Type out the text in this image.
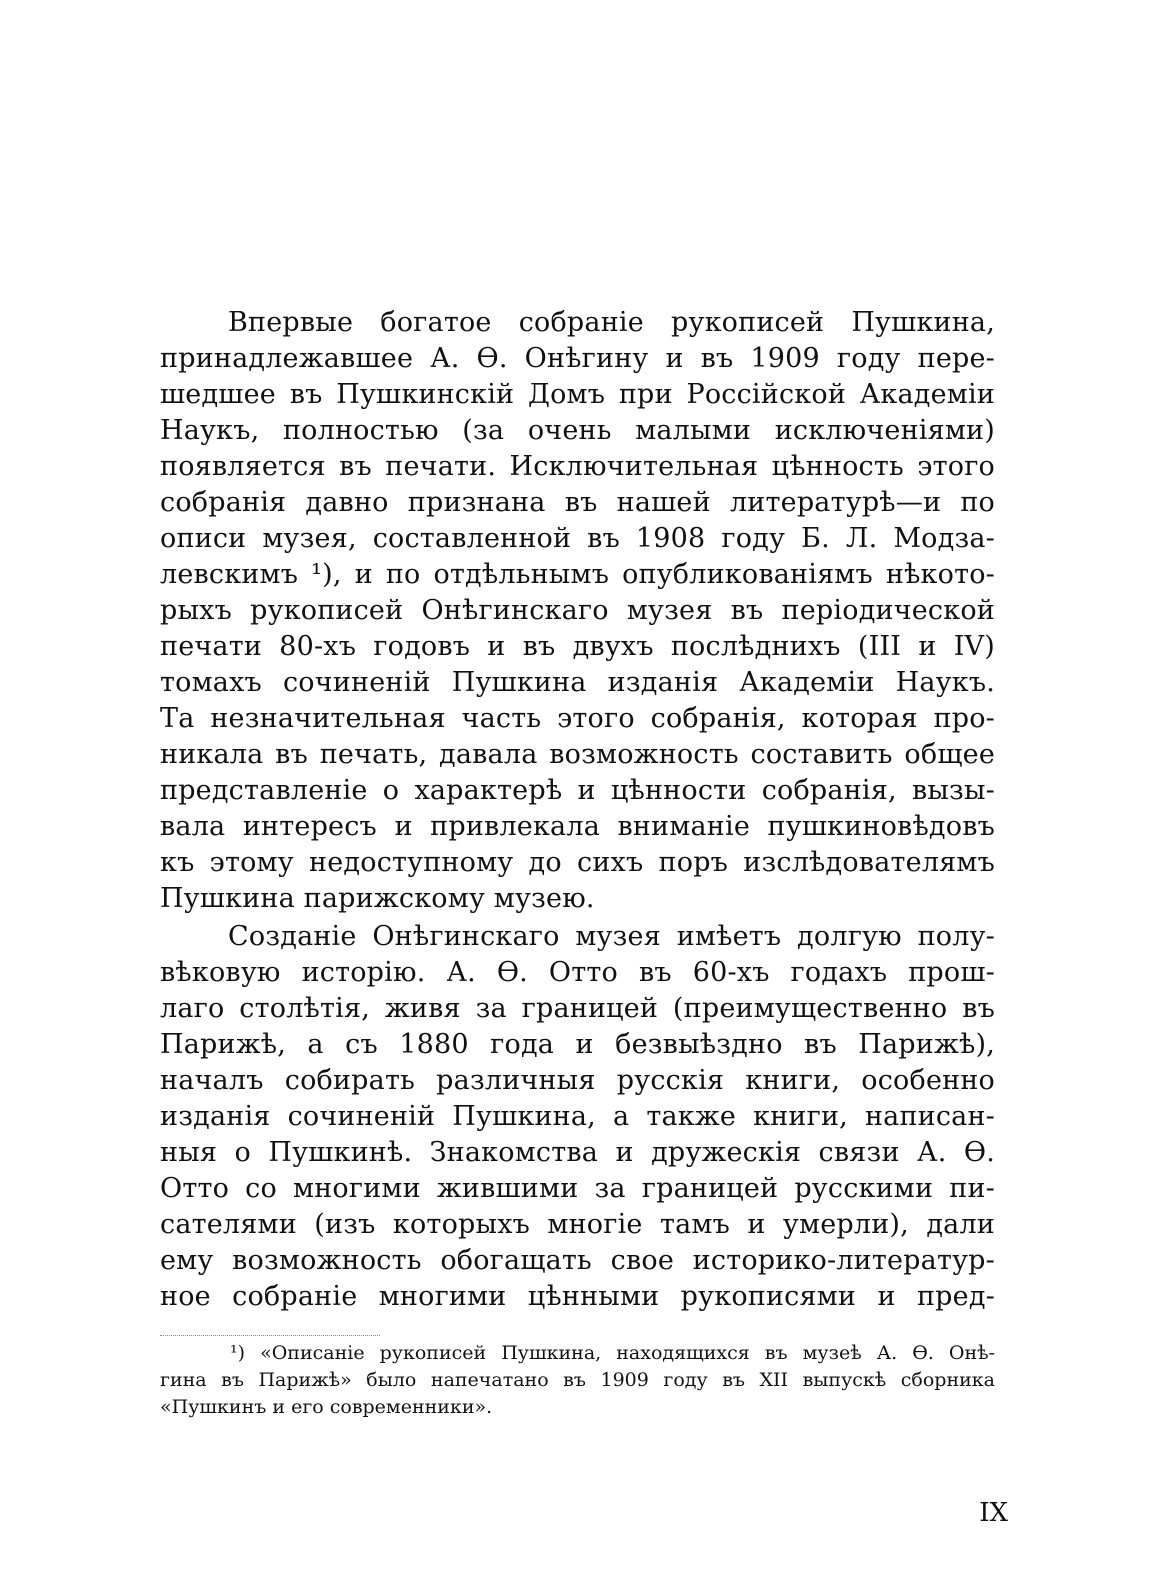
Впервые богатое собраніе рукописей Пушкина,
принадлежавшее А. Ѳ. Онѣгину и въ 1909 году пере-
шедшее въ Пушкинскій Домъ при Россійской Академіи
Наукъ, полностью (за очень малыми исключеніями)
появляется въ печати. Исключительная цѣнность этого
собранія давно признана въ нашей литературѣ—и по
описи музея, составленной въ 1908 году Б. Л. Модза-
левскимъ ¹), и по отдѣльнымъ опубликованіямъ нѣкото-
рыхъ рукописей Онѣгинскаго музея въ періодической
печати 80-хъ годовъ и въ двухъ послѣднихъ (III и IV)
томахъ сочиненій Пушкина изданія Академіи Наукъ.
Та незначительная часть этого собранія, которая про-
никала въ печать, давала возможность составить общее
представленіе о характерѣ и цѣнности собранія, вызы-
вала интересъ и привлекала вниманіе пушкиновѣдовъ
къ этому недоступному до сихъ поръ изслѣдователямъ
Пушкина парижскому музею.
Созданіе Онѣгинскаго музея имѣетъ долгую полу-
вѣковую исторію. А. Ѳ. Отто въ 60-хъ годахъ прош-
лаго столѣтія, живя за границей (преимущественно въ
Парижѣ, а съ 1880 года и безвыѣздно въ Парижѣ),
началъ собирать различныя русскія книги, особенно
изданія сочиненій Пушкина, а также книги, написан-
ныя о Пушкинѣ. Знакомства и дружескія связи А. Ѳ.
Отто со многими жившими за границей русскими пи-
сателями (изъ которыхъ многіе тамъ и умерли), дали
ему возможность обогащать свое историко-литератур-
ное собраніе многими цѣнными рукописями и пред-
¹) «Описаніе рукописей Пушкина, находящихся въ музеѣ А. Ѳ. Онѣ-
гина въ Парижѣ» было напечатано въ 1909 году въ XII выпускѣ сборника
«Пушкинъ и его современники».
IX
